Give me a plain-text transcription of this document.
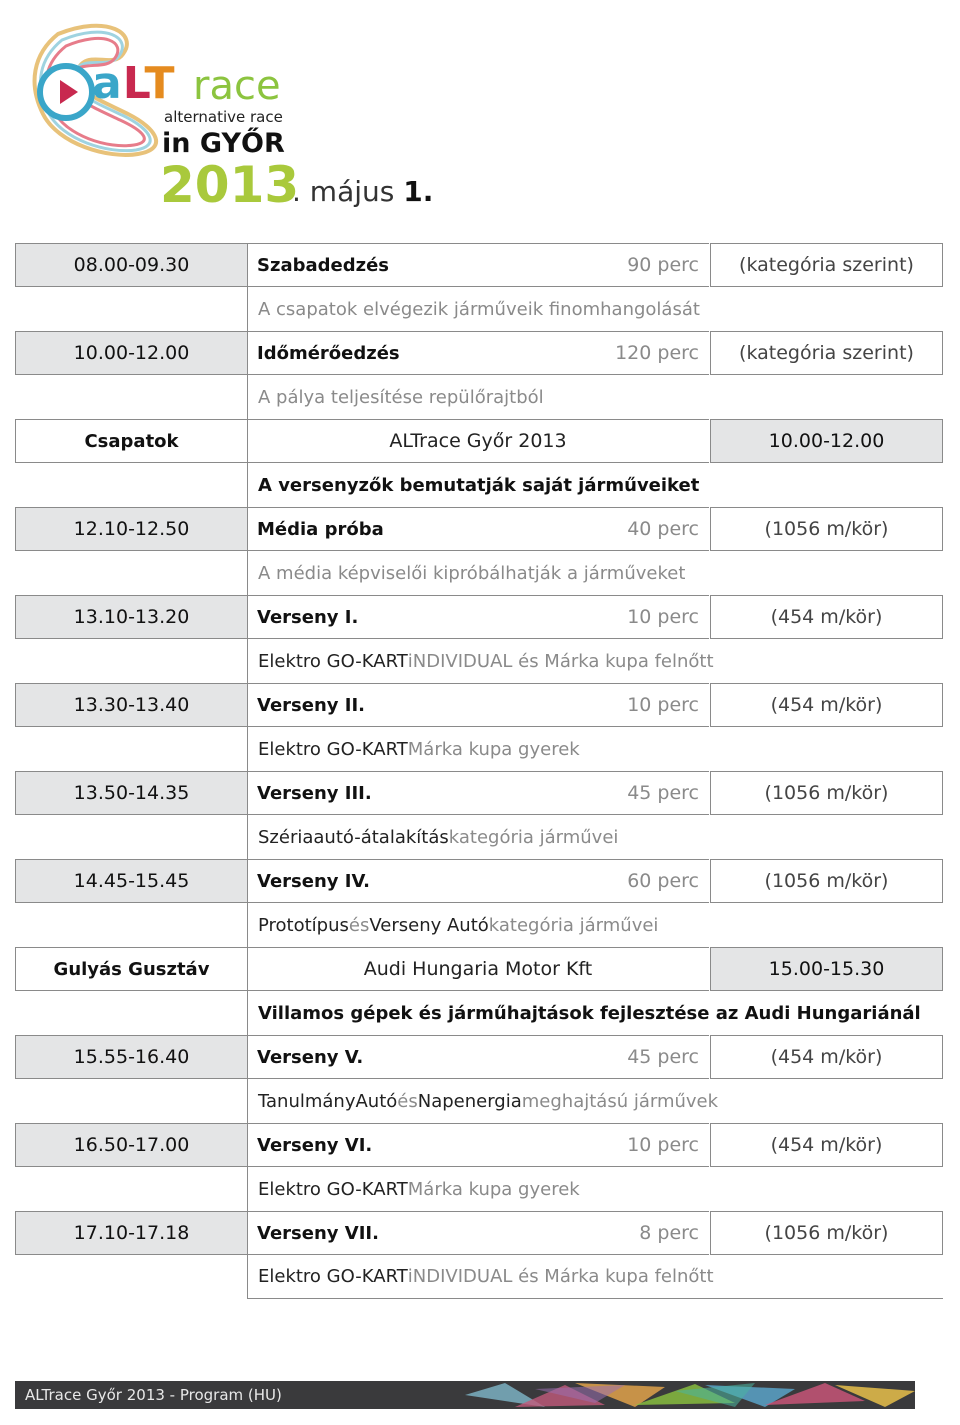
aLT race
alternative race
in GYŐR
2013
. május 1.
08.00-09.30	Szabadedzés	90 perc	(kategória szerint)
A csapatok elvégezik járműveik finomhangolását
10.00-12.00	Időmérőedzés	120 perc	(kategória szerint)
A pálya teljesítése repülőrajtból
Csapatok	ALTrace Győr 2013	10.00-12.00
A versenyzők bemutatják saját járműveiket
12.10-12.50	Média próba	40 perc	(1056 m/kör)
A média képviselői kipróbálhatják a járműveket
13.10-13.20	Verseny I.	10 perc	(454 m/kör)
Elektro GO-KART iNDIVIDUAL és Márka kupa felnőtt
13.30-13.40	Verseny II.	10 perc	(454 m/kör)
Elektro GO-KART Márka kupa gyerek
13.50-14.35	Verseny III.	45 perc	(1056 m/kör)
Szériaautó-átalakítás kategória járművei
14.45-15.45	Verseny IV.	60 perc	(1056 m/kör)
Prototípus és Verseny Autó kategória járművei
Gulyás Gusztáv	Audi Hungaria Motor Kft	15.00-15.30
Villamos gépek és járműhajtások fejlesztése az Audi Hungariánál
15.55-16.40	Verseny V.	45 perc	(454 m/kör)
TanulmányAutó és Napenergia meghajtású járművek
16.50-17.00	Verseny VI.	10 perc	(454 m/kör)
Elektro GO-KART Márka kupa gyerek
17.10-17.18	Verseny VII.	8 perc	(1056 m/kör)
Elektro GO-KART iNDIVIDUAL és Márka kupa felnőtt
ALTrace Győr 2013 - Program (HU)
